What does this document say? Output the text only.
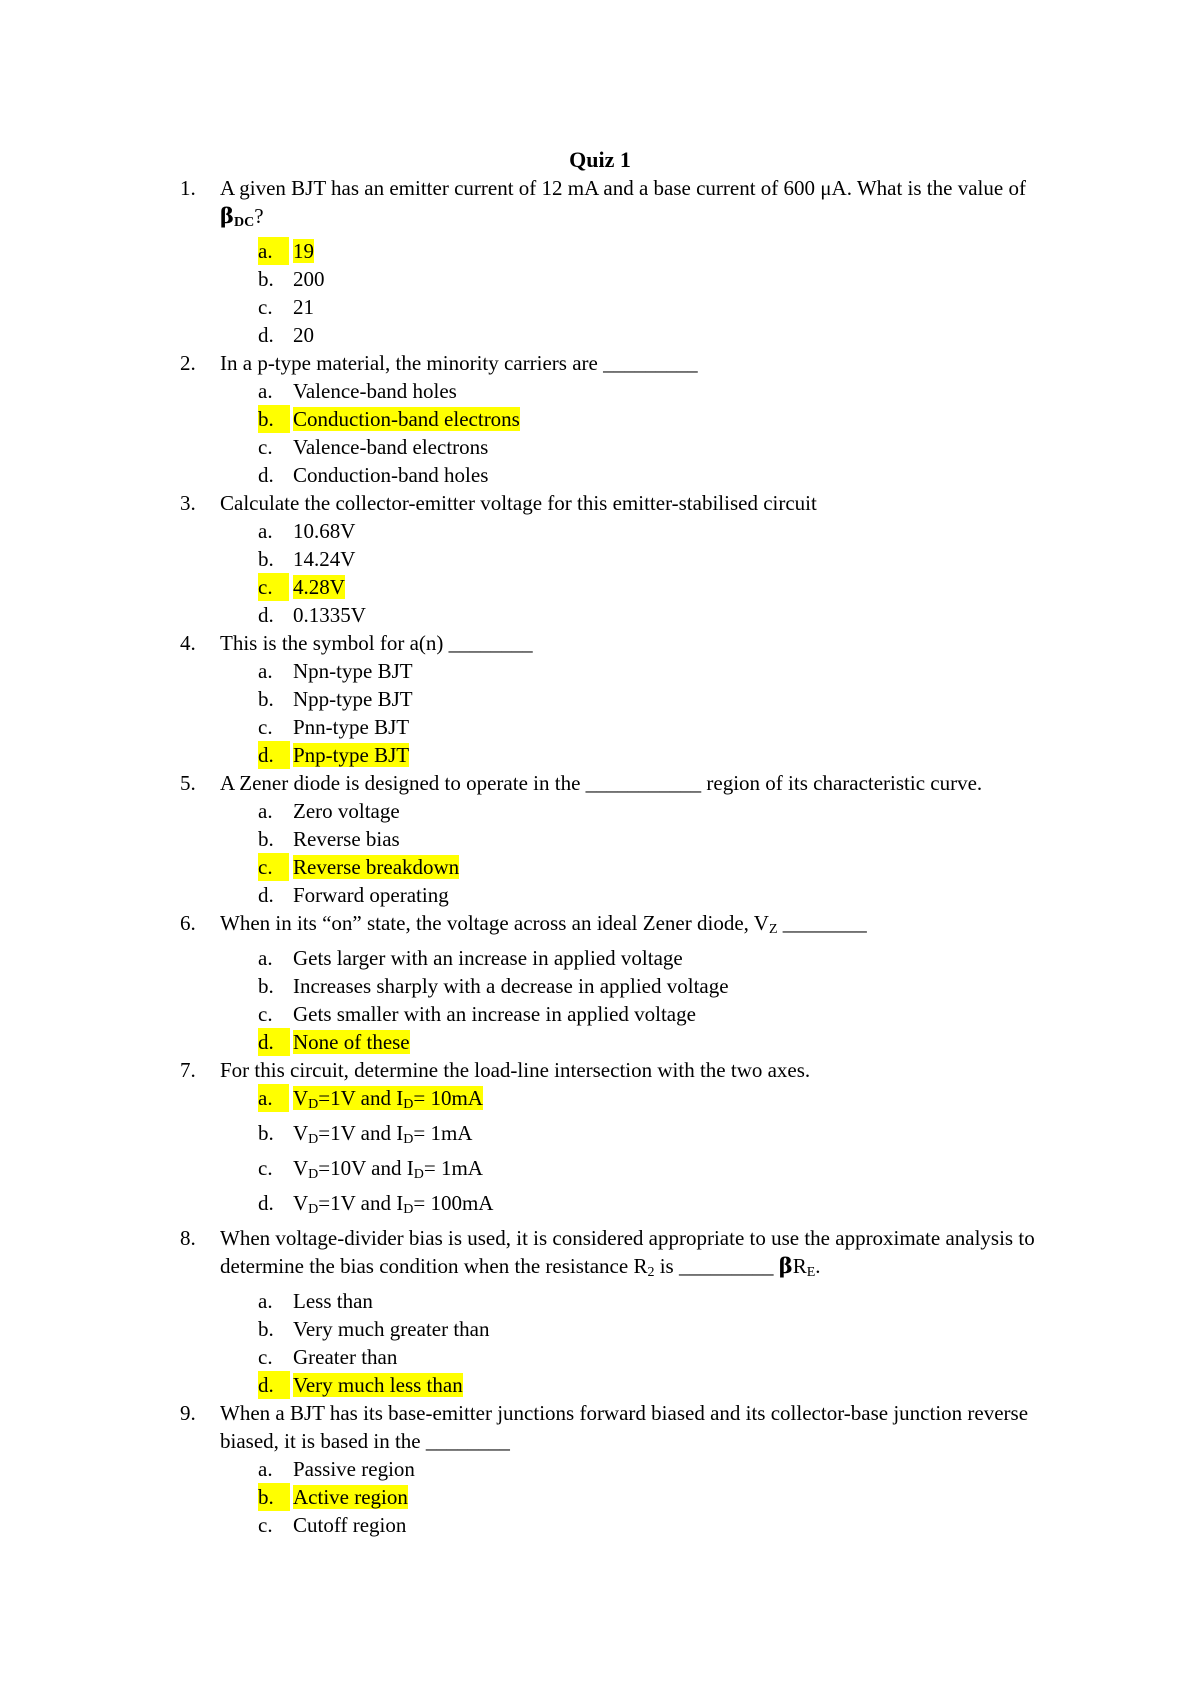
Quiz 1
1. A given BJT has an emitter current of 12 mA and a base current of 600 μA. What is the value of $\beta_{DC}$?
a. 19
b. 200
c. 21
d. 20
2. In a p-type material, the minority carriers are _________
a. Valence-band holes
b. Conduction-band electrons
c. Valence-band electrons
d. Conduction-band holes
3. Calculate the collector-emitter voltage for this emitter-stabilised circuit
a. 10.68V
b. 14.24V
c. 4.28V
d. 0.1335V
4. This is the symbol for a(n) ________
a. Npn-type BJT
b. Npp-type BJT
c. Pnn-type BJT
d. Pnp-type BJT
5. A Zener diode is designed to operate in the ___________ region of its characteristic curve.
a. Zero voltage
b. Reverse bias
c. Reverse breakdown
d. Forward operating
6. When in its “on” state, the voltage across an ideal Zener diode, $V_Z$ ________
a. Gets larger with an increase in applied voltage
b. Increases sharply with a decrease in applied voltage
c. Gets smaller with an increase in applied voltage
d. None of these
7. For this circuit, determine the load-line intersection with the two axes.
a. $V_D=1V$ and $I_D= 10mA$
b. $V_D=1V$ and $I_D= 1mA$
c. $V_D=10V$ and $I_D= 1mA$
d. $V_D=1V$ and $I_D= 100mA$
8. When voltage-divider bias is used, it is considered appropriate to use the approximate analysis to determine the bias condition when the resistance $R_2$ is _________ $\beta R_E$.
a. Less than
b. Very much greater than
c. Greater than
d. Very much less than
9. When a BJT has its base-emitter junctions forward biased and its collector-base junction reverse biased, it is based in the ________
a. Passive region
b. Active region
c. Cutoff region
